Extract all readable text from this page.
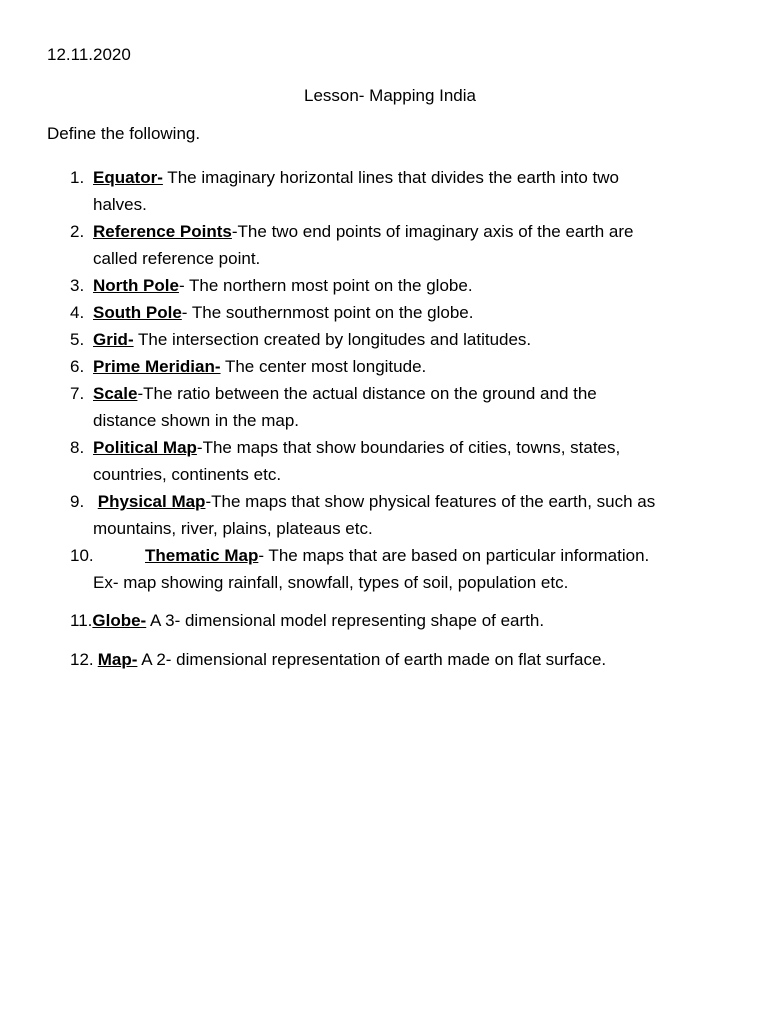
12.11.2020
Lesson- Mapping India
Define the following.
1. Equator- The imaginary horizontal lines that divides the earth into two
halves.
2. Reference Points-The two end points of imaginary axis of the earth are
called reference point.
3. North Pole- The northern most point on the globe.
4. South Pole- The southernmost point on the globe.
5. Grid- The intersection created by longitudes and latitudes.
6. Prime Meridian- The center most longitude.
7. Scale-The ratio between the actual distance on the ground and the
distance shown in the map.
8. Political Map-The maps that show boundaries of cities, towns, states,
countries, continents etc.
9. Physical Map-The maps that show physical features of the earth, such as
mountains, river, plains, plateaus etc.
10.	Thematic Map- The maps that are based on particular information.
Ex- map showing rainfall, snowfall, types of soil, population etc.
11.Globe- A 3- dimensional model representing shape of earth.
12. Map- A 2- dimensional representation of earth made on flat surface.
